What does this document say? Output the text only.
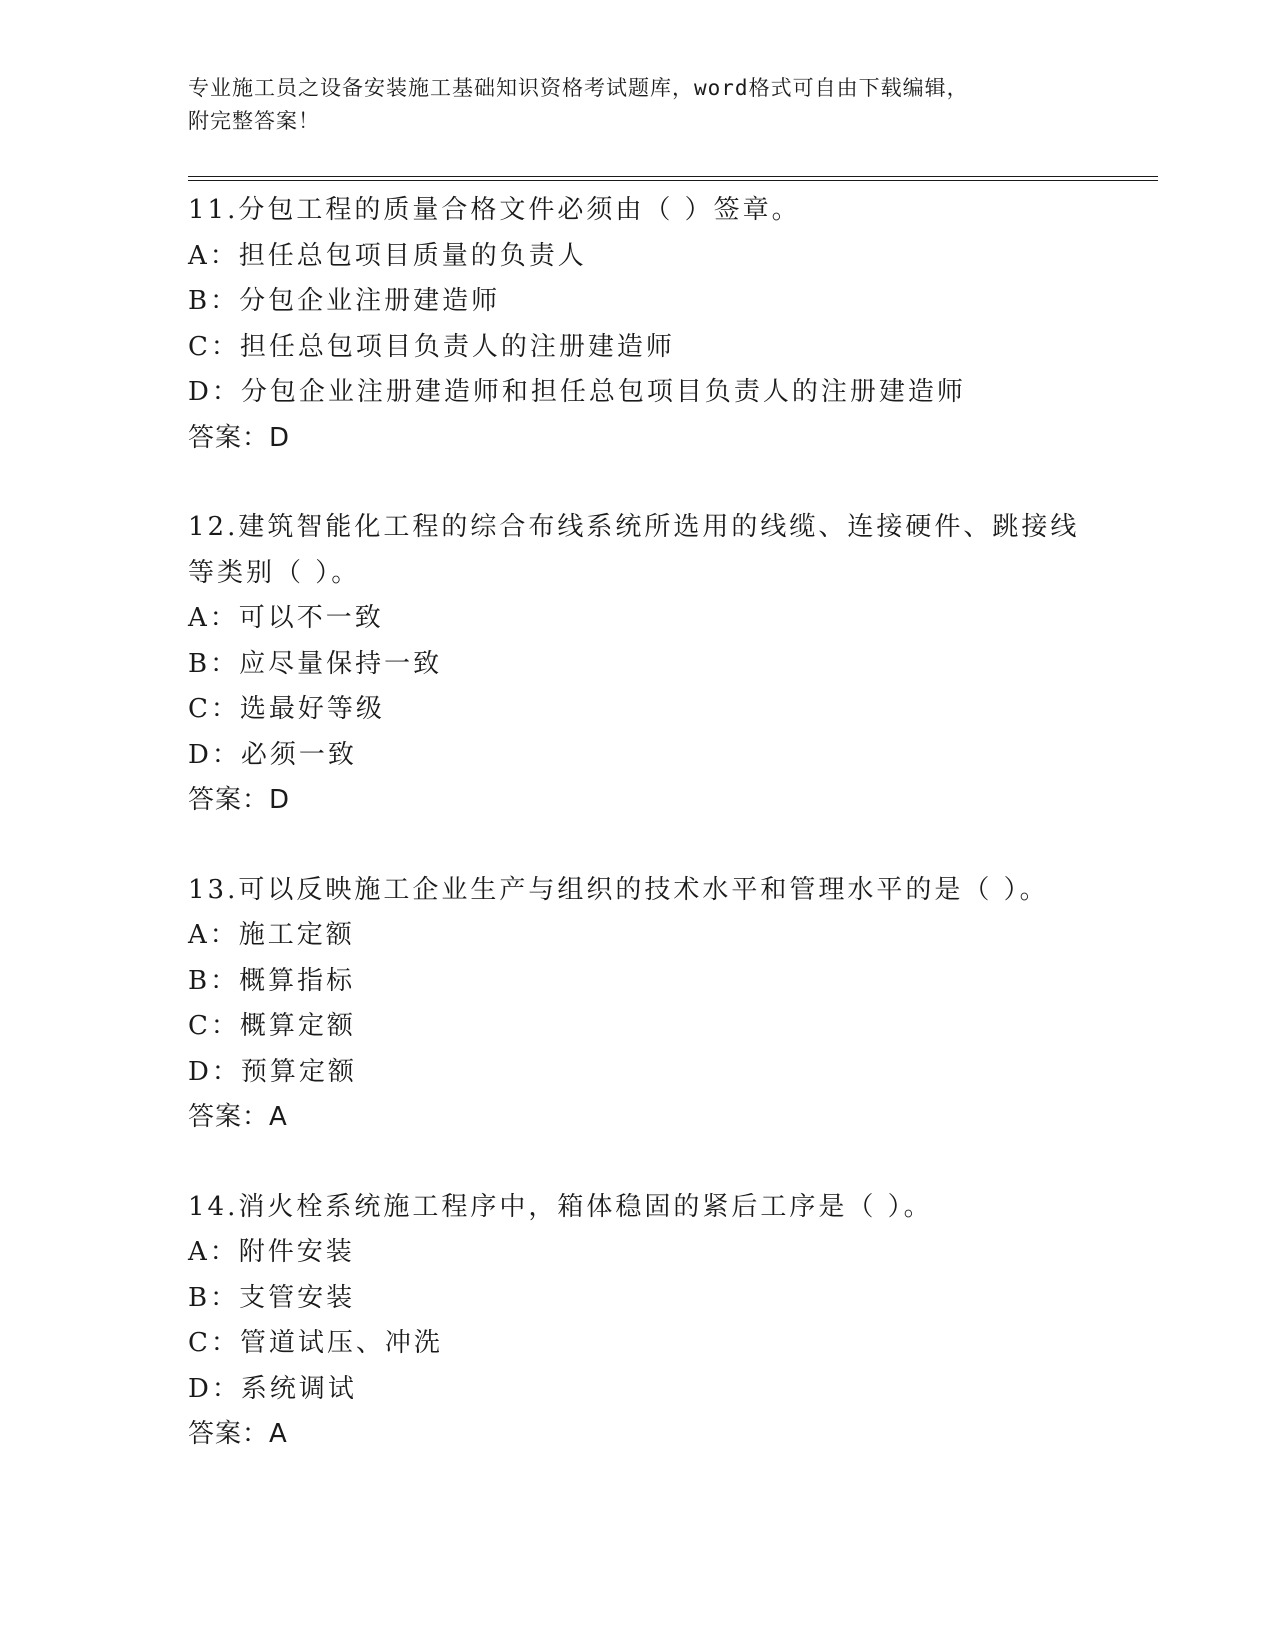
专业施工员之设备安装施工基础知识资格考试题库，word格式可自由下载编辑，
附完整答案！
11.分包工程的质量合格文件必须由（ ）签章。
A：担任总包项目质量的负责人
B：分包企业注册建造师
C：担任总包项目负责人的注册建造师
D：分包企业注册建造师和担任总包项目负责人的注册建造师
答案：D
12.建筑智能化工程的综合布线系统所选用的线缆、连接硬件、跳接线等类别（ ）。
A：可以不一致
B：应尽量保持一致
C：选最好等级
D：必须一致
答案：D
13.可以反映施工企业生产与组织的技术水平和管理水平的是（ ）。
A：施工定额
B：概算指标
C：概算定额
D：预算定额
答案：A
14.消火栓系统施工程序中，箱体稳固的紧后工序是（ ）。
A：附件安装
B：支管安装
C：管道试压、冲洗
D：系统调试
答案：A
